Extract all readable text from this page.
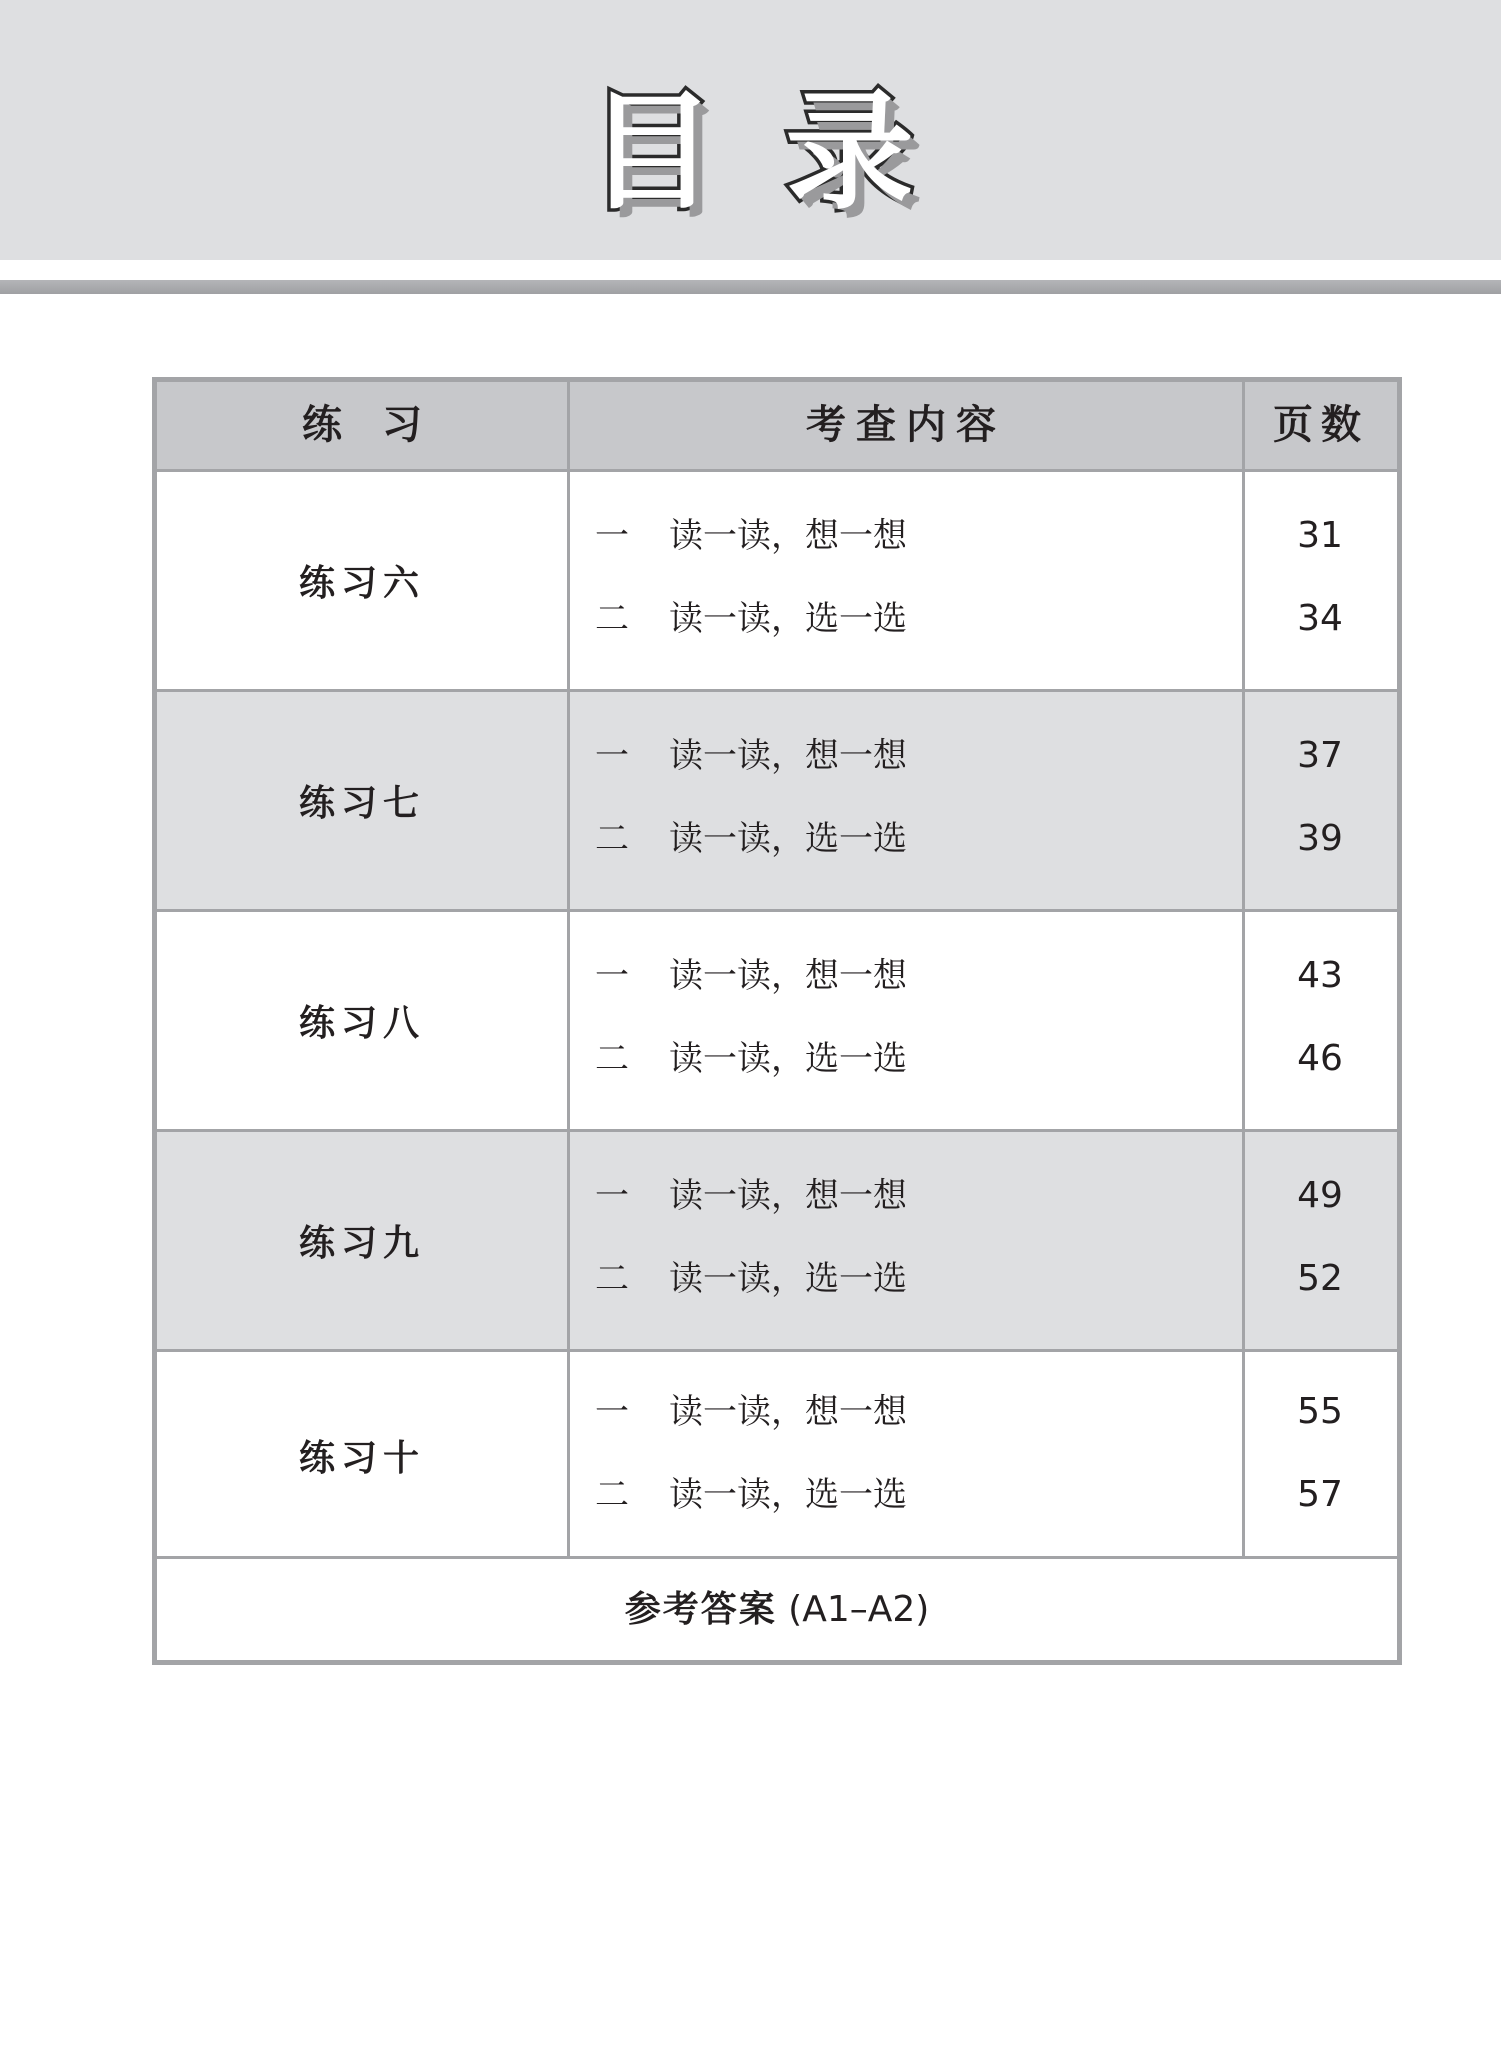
目录
练　习	考查内容	页数
练习六
一 读一读，想一想
二 读一读，选一选
31
34
练习七
一 读一读，想一想
二 读一读，选一选
37
39
练习八
一 读一读，想一想
二 读一读，选一选
43
46
练习九
一 读一读，想一想
二 读一读，选一选
49
52
练习十
一 读一读，想一想
二 读一读，选一选
55
57
参考答案 (A1–A2)
